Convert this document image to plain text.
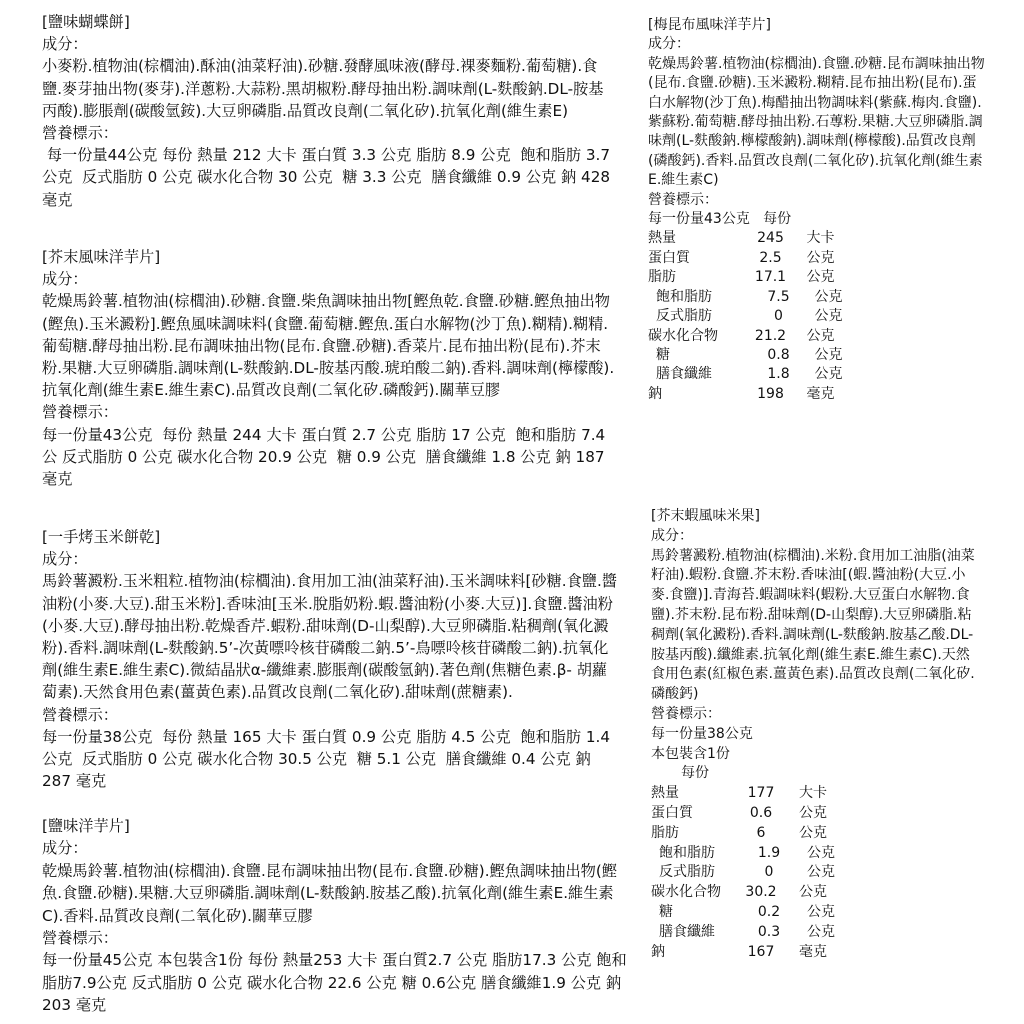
[鹽味蝴蝶餅]

成分：

小麥粉.植物油(棕櫚油).酥油(油菜籽油).砂糖.發酵風味液(酵母.裸麥麵粉.葡萄糖).食鹽.麥芽抽出物(麥芽).洋蔥粉.大蒜粉.黑胡椒粉.酵母抽出粉.調味劑(L-麩酸鈉.DL-胺基丙酸).膨脹劑(碳酸氫銨).大豆卵磷脂.品質改良劑(二氧化矽).抗氧化劑(維生素E)

營養標示：

每一份量44公克 每份 熱量 212 大卡 蛋白質 3.3 公克 脂肪 8.9 公克  飽和脂肪 3.7 公克  反式脂肪 0 公克 碳水化合物 30 公克  糖 3.3 公克  膳食纖維 0.9 公克 鈉 428 毫克

[芥末風味洋芋片]

成分：

乾燥馬鈴薯.植物油(棕櫚油).砂糖.食鹽.柴魚調味抽出物[鰹魚乾.食鹽.砂糖.鰹魚抽出物(鰹魚).玉米澱粉].鰹魚風味調味料(食鹽.葡萄糖.鰹魚.蛋白水解物(沙丁魚).糊精).糊精.葡萄糖.酵母抽出粉.昆布調味抽出物(昆布.食鹽.砂糖).香菜片.昆布抽出粉(昆布).芥末粉.果糖.大豆卵磷脂.調味劑(L-麩酸鈉.DL-胺基丙酸.琥珀酸二鈉).香料.調味劑(檸檬酸).抗氧化劑(維生素E.維生素C).品質改良劑(二氧化矽.磷酸鈣).關華豆膠

營養標示：

每一份量43公克  每份 熱量 244 大卡 蛋白質 2.7 公克 脂肪 17 公克  飽和脂肪 7.4 公 反式脂肪 0 公克 碳水化合物 20.9 公克  糖 0.9 公克  膳食纖維 1.8 公克 鈉 187 毫克

[一手烤玉米餅乾]

成分：

馬鈴薯澱粉.玉米粗粒.植物油(棕櫚油).食用加工油(油菜籽油).玉米調味料[砂糖.食鹽.醬油粉(小麥.大豆).甜玉米粉].香味油[玉米.脫脂奶粉.蝦.醬油粉(小麥.大豆)].食鹽.醬油粉(小麥.大豆).酵母抽出粉.乾燥香芹.蝦粉.甜味劑(D-山梨醇).大豆卵磷脂.粘稠劑(氧化澱粉).香料.調味劑(L-麩酸鈉.5’-次黃嘌呤核苷磷酸二鈉.5’-鳥嘌呤核苷磷酸二鈉).抗氧化劑(維生素E.維生素C).微結晶狀α-纖維素.膨脹劑(碳酸氫鈉).著色劑(焦糖色素.β- 胡蘿蔔素).天然食用色素(薑黃色素).品質改良劑(二氧化矽).甜味劑(蔗糖素).

營養標示：

每一份量38公克  每份 熱量 165 大卡 蛋白質 0.9 公克 脂肪 4.5 公克  飽和脂肪 1.4 公克  反式脂肪 0 公克 碳水化合物 30.5 公克  糖 5.1 公克  膳食纖維 0.4 公克 鈉 287 毫克

[鹽味洋芋片]

成分：

乾燥馬鈴薯.植物油(棕櫚油).食鹽.昆布調味抽出物(昆布.食鹽.砂糖).鰹魚調味抽出物(鰹魚.食鹽.砂糖).果糖.大豆卵磷脂.調味劑(L-麩酸鈉.胺基乙酸).抗氧化劑(維生素E.維生素C).香料.品質改良劑(二氧化矽).關華豆膠

營養標示：

每一份量45公克 本包裝含1份 每份 熱量253 大卡 蛋白質2.7 公克 脂肪17.3 公克 飽和脂肪7.9公克 反式脂肪 0 公克 碳水化合物 22.6 公克 糖 0.6公克 膳食纖維1.9 公克 鈉 203 毫克

[梅昆布風味洋芋片]

成分：

乾燥馬鈴薯.植物油(棕櫚油).食鹽.砂糖.昆布調味抽出物(昆布.食鹽.砂糖).玉米澱粉.糊精.昆布抽出粉(昆布).蛋白水解物(沙丁魚).梅醋抽出物調味料(紫蘇.梅肉.食鹽).紫蘇粉.葡萄糖.酵母抽出粉.石蓴粉.果糖.大豆卵磷脂.調味劑(L-麩酸鈉.檸檬酸鈉).調味劑(檸檬酸).品質改良劑(磷酸鈣).香料.品質改良劑(二氧化矽).抗氧化劑(維生素E.維生素C)

營養標示：

每一份量43公克   每份

熱量	245	大卡
蛋白質	2.5	公克
脂肪	17.1	公克
飽和脂肪	7.5	公克
反式脂肪	0	公克
碳水化合物	21.2	公克
糖	0.8	公克
膳食纖維	1.8	公克
鈉	198	毫克

[芥末蝦風味米果]

成分：

馬鈴薯澱粉.植物油(棕櫚油).米粉.食用加工油脂(油菜籽油).蝦粉.食鹽.芥末粉.香味油[(蝦.醬油粉(大豆.小麥.食鹽)].青海苔.蝦調味料(蝦粉.大豆蛋白水解物.食鹽).芥末粉.昆布粉.甜味劑(D-山梨醇).大豆卵磷脂.粘稠劑(氧化澱粉).香料.調味劑(L-麩酸鈉.胺基乙酸.DL-胺基丙酸).纖維素.抗氧化劑(維生素E.維生素C).天然食用色素(紅椒色素.薑黃色素).品質改良劑(二氧化矽.磷酸鈣)

營養標示：

每一份量38公克

本包裝含1份

每份

熱量	177	大卡
蛋白質	0.6	公克
脂肪	6	公克
飽和脂肪	1.9	公克
反式脂肪	0	公克
碳水化合物	30.2	公克
糖	0.2	公克
膳食纖維	0.3	公克
鈉	167	毫克
